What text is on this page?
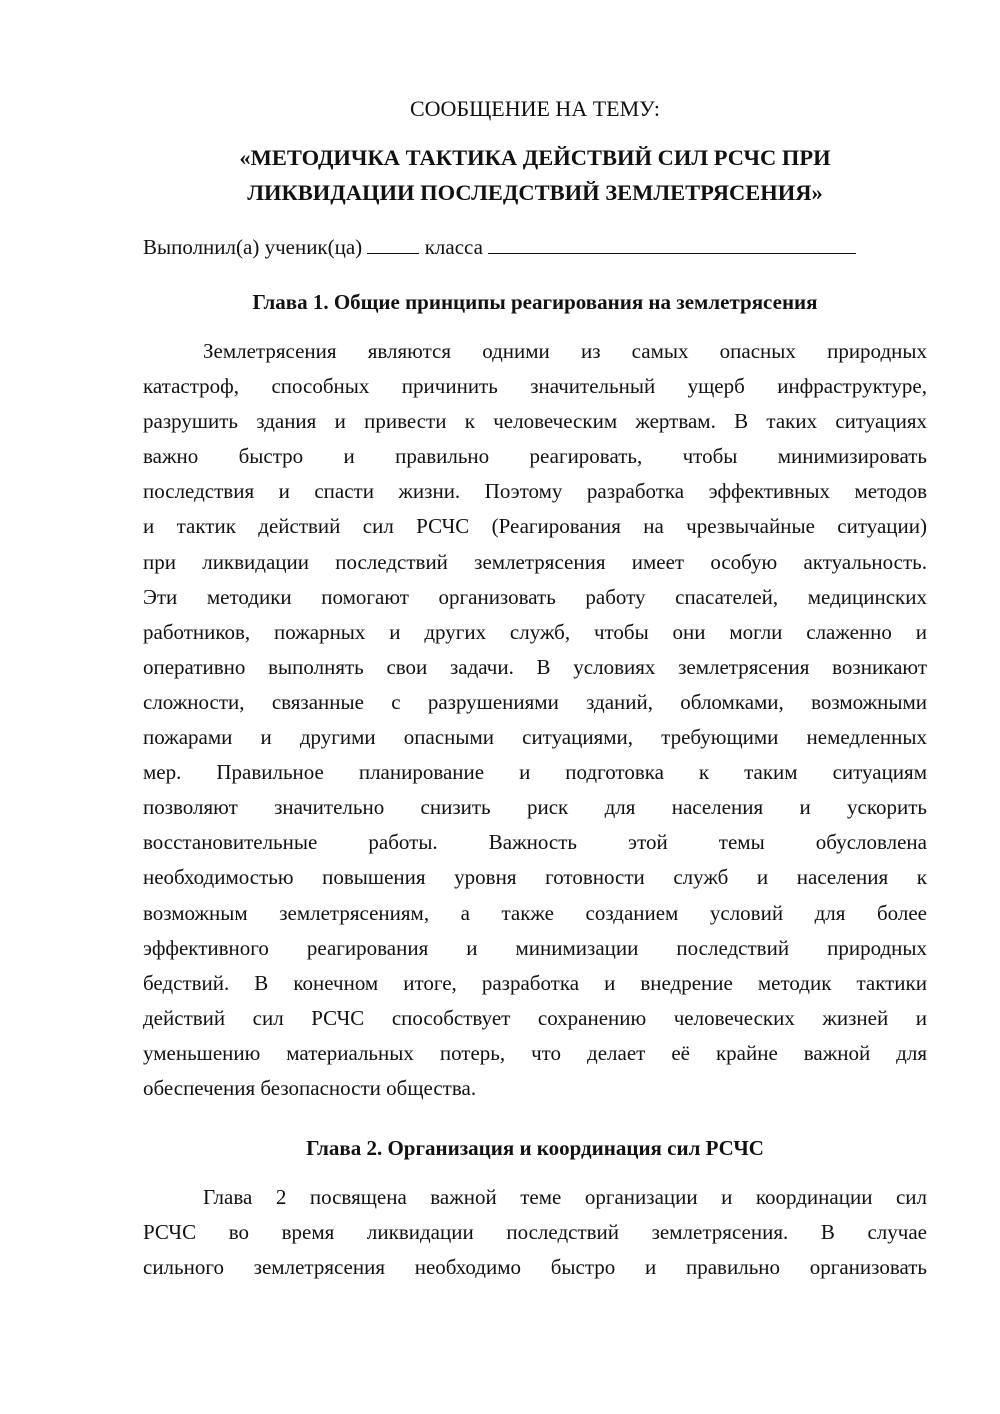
СООБЩЕНИЕ НА ТЕМУ:

«МЕТОДИЧКА ТАКТИКА ДЕЙСТВИЙ СИЛ РСЧС ПРИ

ЛИКВИДАЦИИ ПОСЛЕДСТВИЙ ЗЕМЛЕТРЯСЕНИЯ»

Выполнил(а) ученик(ца)	класса

Глава 1. Общие принципы реагирования на землетрясения

Землетрясения являются одними из самых опасных природных
катастроф, способных причинить значительный ущерб инфраструктуре,
разрушить здания и привести к человеческим жертвам. В таких ситуациях
важно быстро и правильно реагировать, чтобы минимизировать
последствия и спасти жизни. Поэтому разработка эффективных методов
и тактик действий сил РСЧС (Реагирования на чрезвычайные ситуации)
при ликвидации последствий землетрясения имеет особую актуальность.
Эти методики помогают организовать работу спасателей, медицинских
работников, пожарных и других служб, чтобы они могли слаженно и
оперативно выполнять свои задачи. В условиях землетрясения возникают
сложности, связанные с разрушениями зданий, обломками, возможными
пожарами и другими опасными ситуациями, требующими немедленных
мер. Правильное планирование и подготовка к таким ситуациям
позволяют значительно снизить риск для населения и ускорить
восстановительные работы. Важность этой темы обусловлена
необходимостью повышения уровня готовности служб и населения к
возможным землетрясениям, а также созданием условий для более
эффективного реагирования и минимизации последствий природных
бедствий. В конечном итоге, разработка и внедрение методик тактики
действий сил РСЧС способствует сохранению человеческих жизней и
уменьшению материальных потерь, что делает её крайне важной для
обеспечения безопасности общества.

Глава 2. Организация и координация сил РСЧС

Глава 2 посвящена важной теме организации и координации сил
РСЧС во время ликвидации последствий землетрясения. В случае
сильного землетрясения необходимо быстро и правильно организовать
